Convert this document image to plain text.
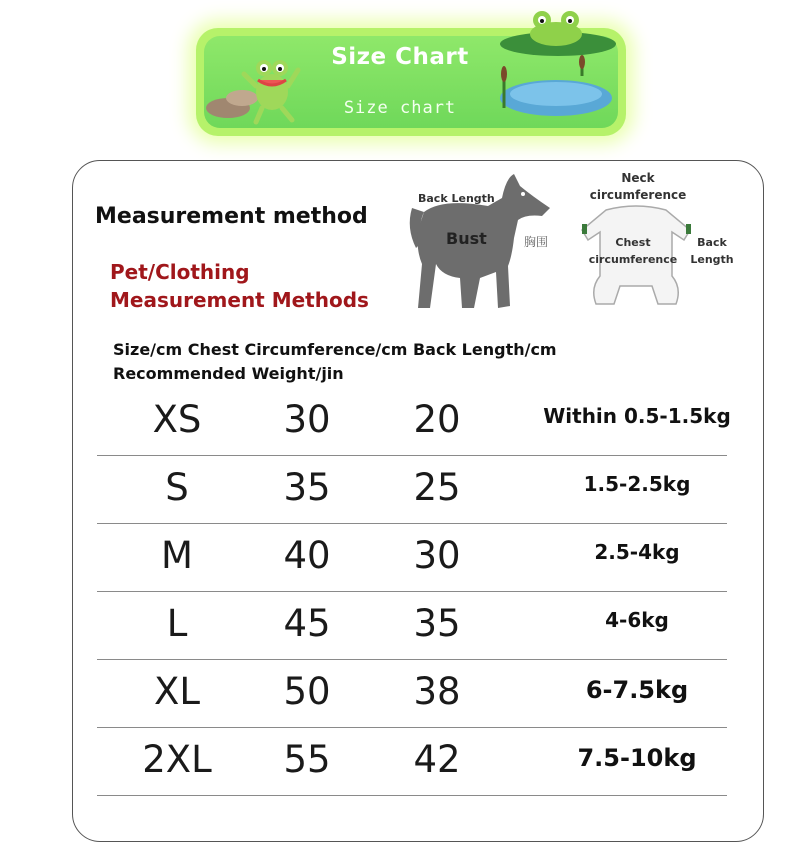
Size Chart
Size chart
Measurement method
Pet/Clothing
Measurement Methods
Back Length
Bust	胸围
Neck
circumference
Chest
circumference
Back
Length
Size/cm Chest Circumference/cm Back Length/cm
Recommended Weight/jin
XS	30	20	Within 0.5-1.5kg
S	35	25	1.5-2.5kg
M	40	30	2.5-4kg
L	45	35	4-6kg
XL	50	38	6-7.5kg
2XL	55	42	7.5-10kg
